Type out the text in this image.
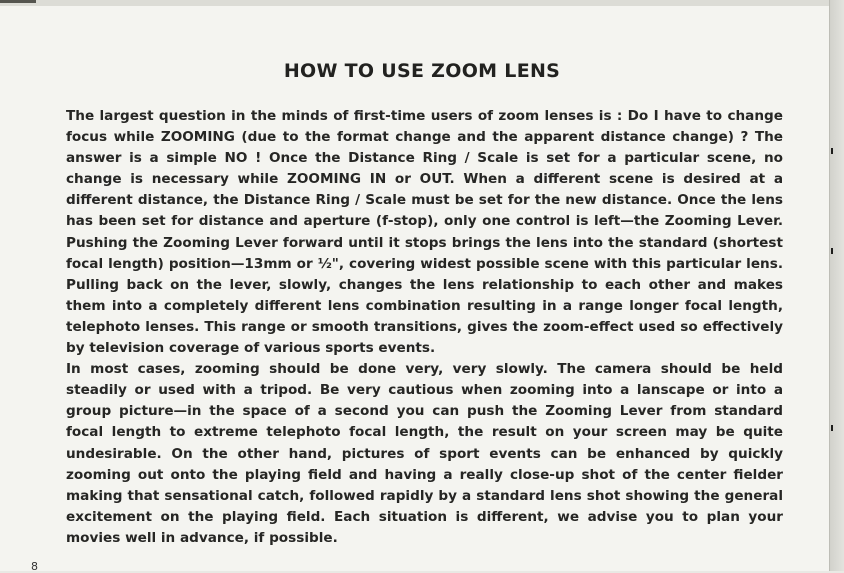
HOW TO USE ZOOM LENS
The largest question in the minds of first-time users of zoom lenses is : Do I have to change
focus while ZOOMING (due to the format change and the apparent distance change) ? The
answer is a simple NO ! Once the Distance Ring / Scale is set for a particular scene, no
change is necessary while ZOOMING IN or OUT. When a different scene is desired at a
different distance, the Distance Ring / Scale must be set for the new distance. Once the lens
has been set for distance and aperture (f-stop), only one control is left—the Zooming Lever.
Pushing the Zooming Lever forward until it stops brings the lens into the standard (shortest
focal length) position—13mm or ½", covering widest possible scene with this particular lens.
Pulling back on the lever, slowly, changes the lens relationship to each other and makes
them into a completely different lens combination resulting in a range longer focal length,
telephoto lenses. This range or smooth transitions, gives the zoom-effect used so effectively
by television coverage of various sports events.
In most cases, zooming should be done very, very slowly. The camera should be held
steadily or used with a tripod. Be very cautious when zooming into a lanscape or into a
group picture—in the space of a second you can push the Zooming Lever from standard
focal length to extreme telephoto focal length, the result on your screen may be quite
undesirable. On the other hand, pictures of sport events can be enhanced by quickly
zooming out onto the playing field and having a really close-up shot of the center fielder
making that sensational catch, followed rapidly by a standard lens shot showing the general
excitement on the playing field. Each situation is different, we advise you to plan your
movies well in advance, if possible.
8
